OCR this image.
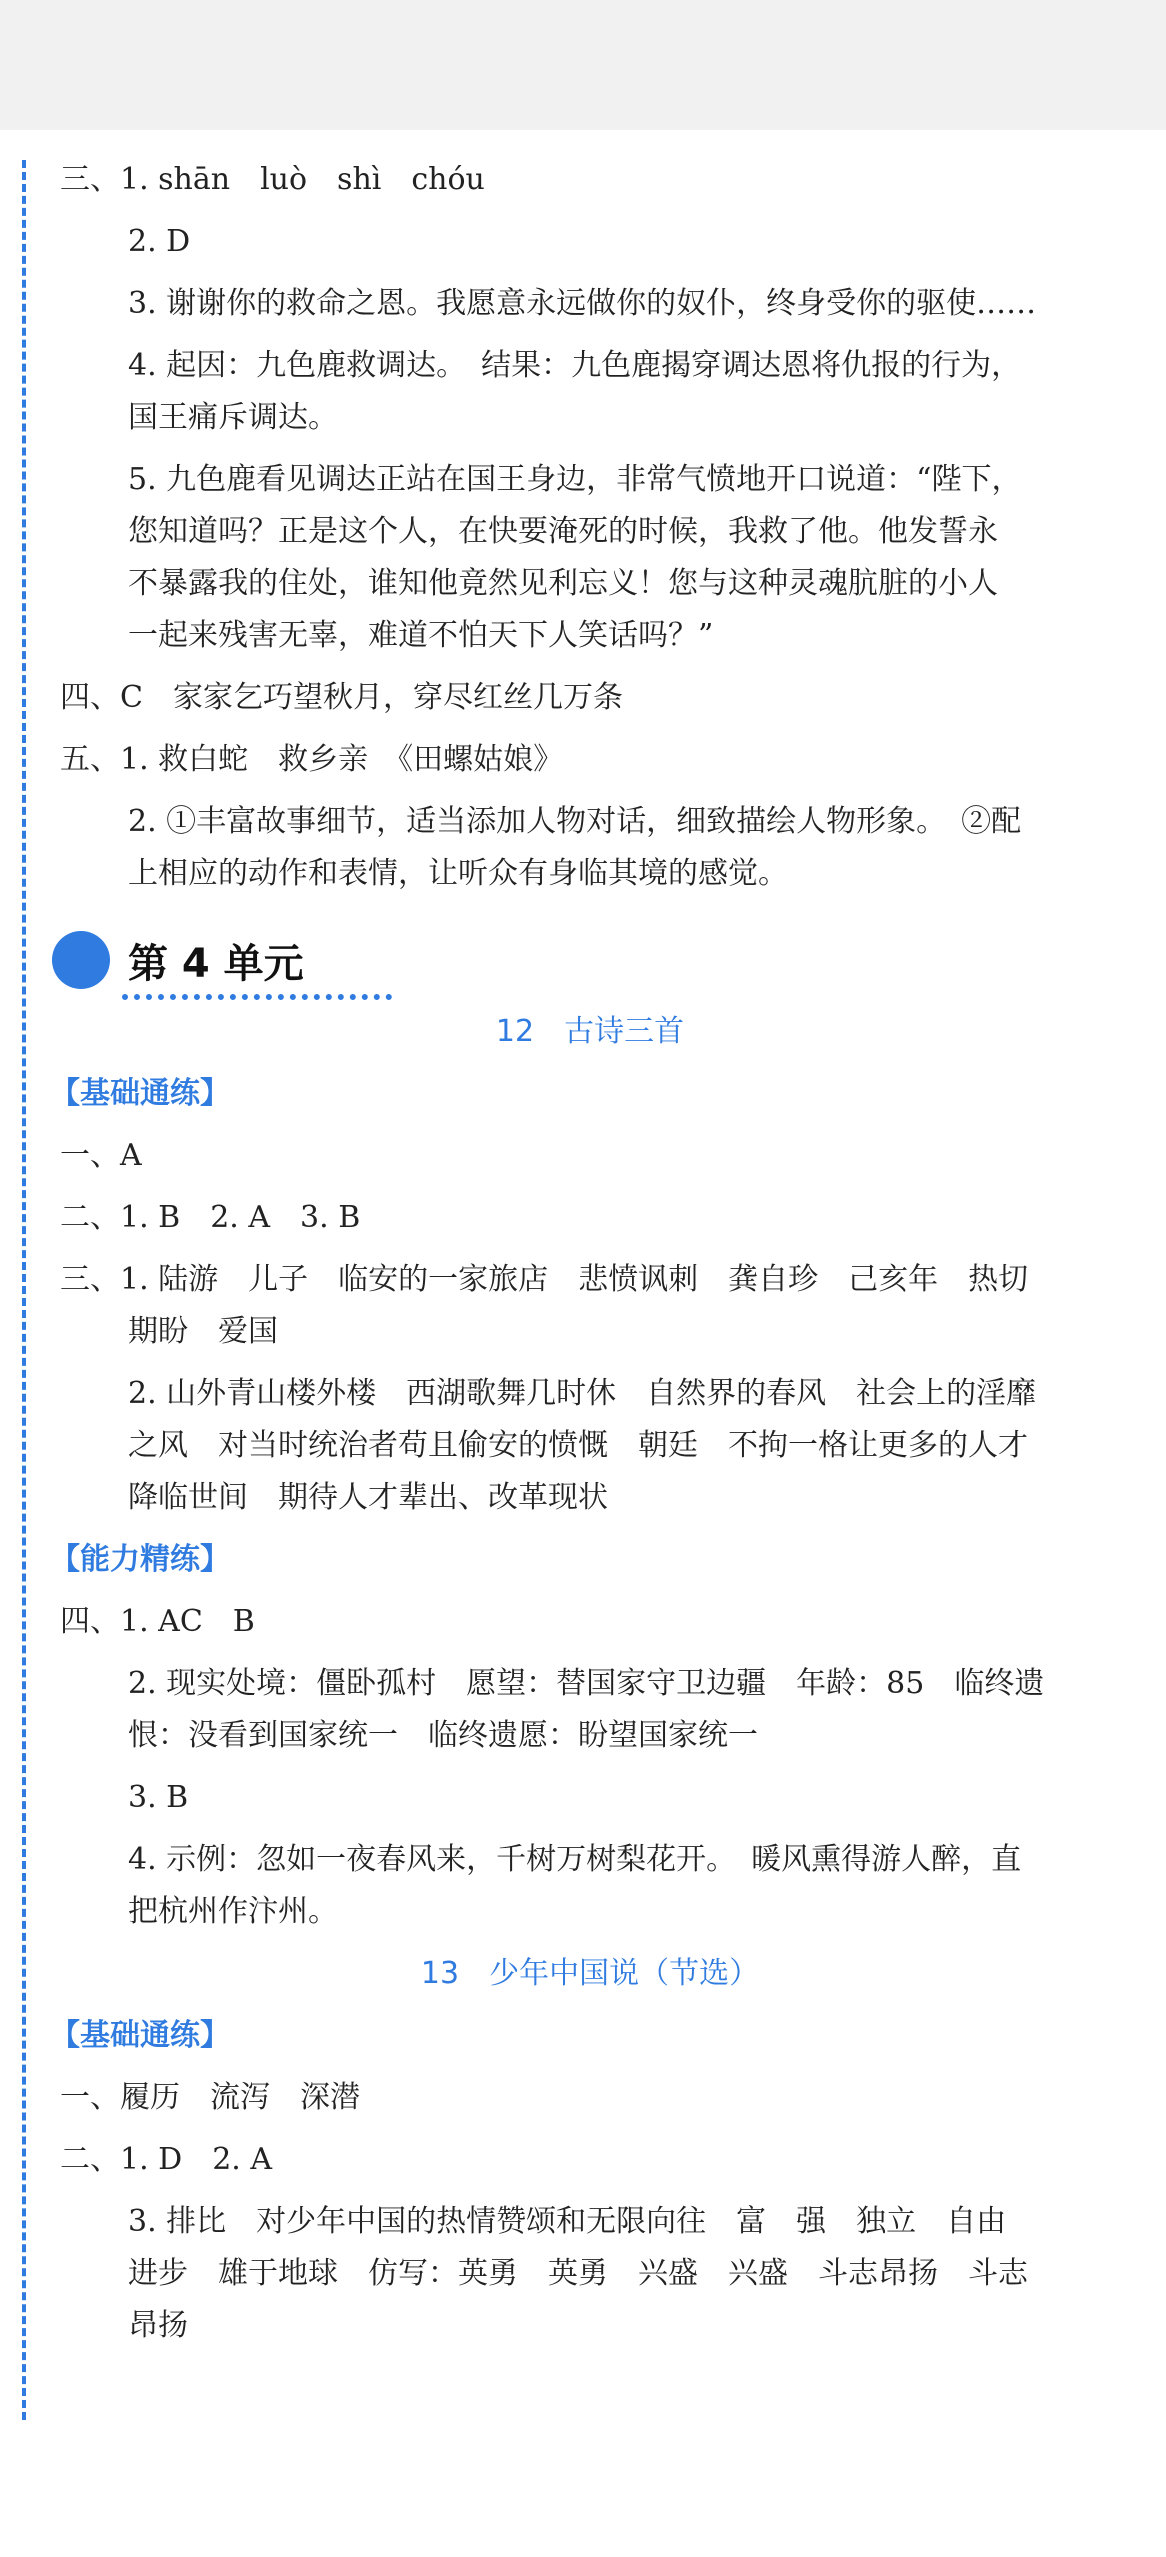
三、1. shān　luò　shì　chóu
2. D
3. 谢谢你的救命之恩。我愿意永远做你的奴仆，终身受你的驱使……
4. 起因：九色鹿救调达。　结果：九色鹿揭穿调达恩将仇报的行为，
国王痛斥调达。
5. 九色鹿看见调达正站在国王身边，非常气愤地开口说道：“陛下，
您知道吗？正是这个人，在快要淹死的时候，我救了他。他发誓永
不暴露我的住处，谁知他竟然见利忘义！您与这种灵魂肮脏的小人
一起来残害无辜，难道不怕天下人笑话吗？”
四、C　家家乞巧望秋月，穿尽红丝几万条
五、1. 救白蛇　救乡亲　《田螺姑娘》
2. ①丰富故事细节，适当添加人物对话，细致描绘人物形象。　②配
上相应的动作和表情，让听众有身临其境的感觉。
第 4 单元
12　古诗三首
【基础通练】
一、A
二、1. B　2. A　3. B
三、1. 陆游　儿子　临安的一家旅店　悲愤讽刺　龚自珍　己亥年　热切
期盼　爱国
2. 山外青山楼外楼　西湖歌舞几时休　自然界的春风　社会上的淫靡
之风　对当时统治者苟且偷安的愤慨　朝廷　不拘一格让更多的人才
降临世间　期待人才辈出、改革现状
【能力精练】
四、1. AC　B
2. 现实处境：僵卧孤村　愿望：替国家守卫边疆　年龄：85　临终遗
恨：没看到国家统一　临终遗愿：盼望国家统一
3. B
4. 示例：忽如一夜春风来，千树万树梨花开。　暖风熏得游人醉，直
把杭州作汴州。
13　少年中国说（节选）
【基础通练】
一、履历　流泻　深潜
二、1. D　2. A
3. 排比　对少年中国的热情赞颂和无限向往　富　强　独立　自由
进步　雄于地球　仿写：英勇　英勇　兴盛　兴盛　斗志昂扬　斗志
昂扬
